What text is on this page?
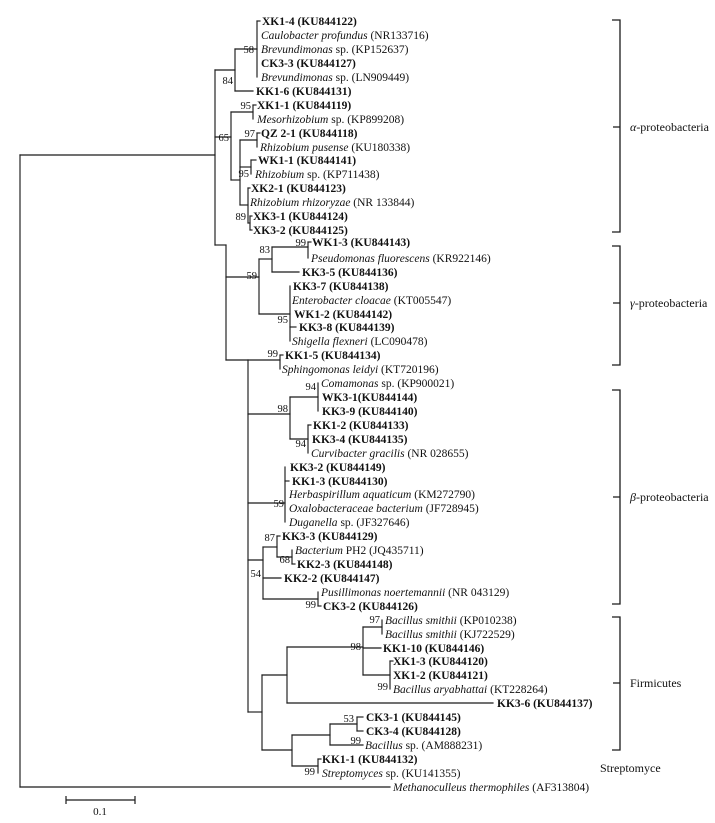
XK1-4 (KU844122)
Caulobacter profundus (NR133716)
Brevundimonas sp. (KP152637)
CK3-3 (KU844127)
Brevundimonas sp. (LN909449)
KK1-6 (KU844131)
XK1-1 (KU844119)
Mesorhizobium sp. (KP899208)
QZ 2-1 (KU844118)
Rhizobium pusense (KU180338)
WK1-1 (KU844141)
Rhizobium sp. (KP711438)
XK2-1 (KU844123)
Rhizobium rhizoryzae (NR 133844)
XK3-1 (KU844124)
XK3-2 (KU844125)
WK1-3 (KU844143)
Pseudomonas fluorescens (KR922146)
KK3-5 (KU844136)
KK3-7 (KU844138)
Enterobacter cloacae (KT005547)
WK1-2 (KU844142)
KK3-8 (KU844139)
Shigella flexneri (LC090478)
KK1-5 (KU844134)
Sphingomonas leidyi (KT720196)
Comamonas sp. (KP900021)
WK3-1(KU844144)
KK3-9 (KU844140)
KK1-2 (KU844133)
KK3-4 (KU844135)
Curvibacter gracilis (NR 028655)
KK3-2 (KU844149)
KK1-3 (KU844130)
Herbaspirillum aquaticum (KM272790)
Oxalobacteraceae bacterium (JF728945)
Duganella sp. (JF327646)
KK3-3 (KU844129)
Bacterium PH2 (JQ435711)
KK2-3 (KU844148)
KK2-2 (KU844147)
Pusillimonas noertemannii (NR 043129)
CK3-2 (KU844126)
Bacillus smithii (KP010238)
Bacillus smithii (KJ722529)
KK1-10 (KU844146)
XK1-3 (KU844120)
XK1-2 (KU844121)
Bacillus aryabhattai (KT228264)
KK3-6 (KU844137)
CK3-1 (KU844145)
CK3-4 (KU844128)
Bacillus sp. (AM888231)
KK1-1 (KU844132)
Streptomyces sp. (KU141355)
Methanoculleus thermophiles (AF313804)
58
84
95
65 97
95
89
99
83
59
95
99
94
98
94
59
87
68
54
99
97
98
99
53
99
99
α-proteobacteria
γ-proteobacteria
β-proteobacteria
Firmicutes
Streptomyce
0.1
